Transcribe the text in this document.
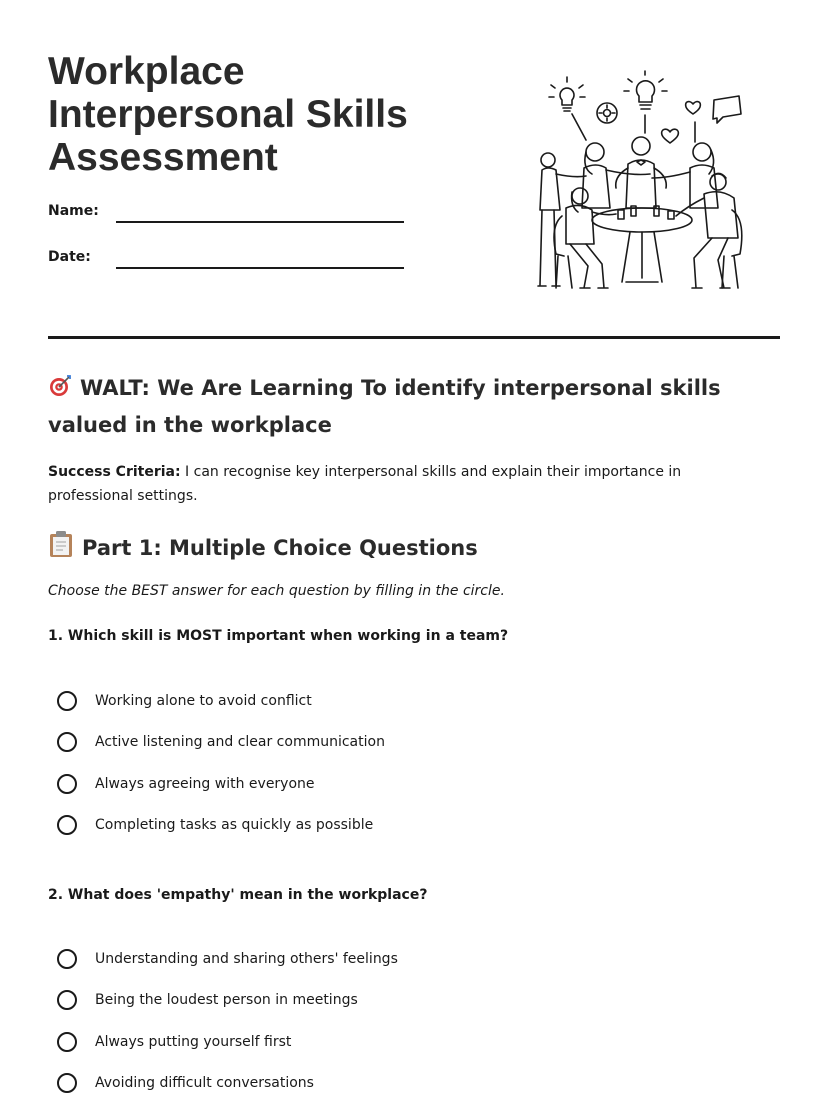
Workplace
Interpersonal Skills
Assessment
Name:
Date:
WALT: We Are Learning To identify interpersonal skills valued in the workplace

Success Criteria: I can recognise key interpersonal skills and explain their importance in professional settings.

Part 1: Multiple Choice Questions

Choose the BEST answer for each question by filling in the circle.

1. Which skill is MOST important when working in a team?

Working alone to avoid conflict
Active listening and clear communication
Always agreeing with everyone
Completing tasks as quickly as possible

2. What does 'empathy' mean in the workplace?

Understanding and sharing others' feelings
Being the loudest person in meetings
Always putting yourself first
Avoiding difficult conversations
